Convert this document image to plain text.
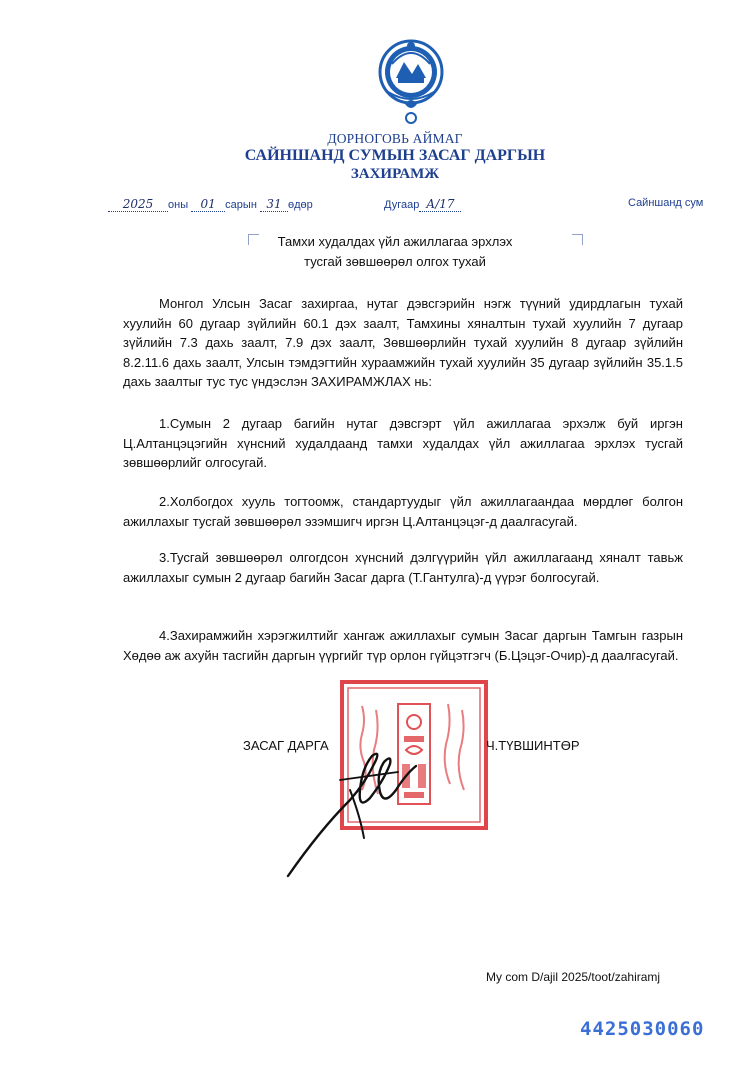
ДОРНОГОВЬ АЙМАГ
САЙНШАНД СУМЫН ЗАСАГ ДАРГЫН
ЗАХИРАМЖ
2025 оны 01 сарын 31 өдөр	Дугаар А/17	Сайншанд сум
Тамхи худалдах үйл ажиллагаа эрхлэх
тусгай зөвшөөрөл олгох тухай

Монгол Улсын Засаг захиргаа, нутаг дэвсгэрийн нэгж түүний удирдлагын тухай хуулийн 60 дугаар зүйлийн 60.1 дэх заалт, Тамхины хяналтын тухай хуулийн 7 дугаар зүйлийн 7.3 дахь заалт, 7.9 дэх заалт, Зөвшөөрлийн тухай хуулийн 8 дугаар зүйлийн 8.2.11.6 дахь заалт, Улсын тэмдэгтийн хураамжийн тухай хуулийн 35 дугаар зүйлийн 35.1.5 дахь заалтыг тус тус үндэслэн ЗАХИРАМЖЛАХ нь:

1.Сумын 2 дугаар багийн нутаг дэвсгэрт үйл ажиллагаа эрхэлж буй иргэн Ц.Алтанцэцэгийн хүнсний худалдаанд тамхи худалдах үйл ажиллагаа эрхлэх тусгай зөвшөөрлийг олгосугай.

2.Холбогдох хууль тогтоомж, стандартуудыг үйл ажиллагаандаа мөрдлөг болгон ажиллахыг тусгай зөвшөөрөл эзэмшигч иргэн Ц.Алтанцэцэг-д даалгасугай.

3.Тусгай зөвшөөрөл олгогдсон хүнсний дэлгүүрийн үйл ажиллагаанд хяналт тавьж ажиллахыг сумын 2 дугаар багийн Засаг дарга (Т.Гантулга)-д үүрэг болгосугай.

4.Захирамжийн хэрэгжилтийг хангаж ажиллахыг сумын Засаг даргын Тамгын газрын Хөдөө аж ахуйн тасгийн даргын үүргийг түр орлон гүйцэтгэгч (Б.Цэцэг-Очир)-д даалгасугай.

ЗАСАГ ДАРГА	Ч.ТҮВШИНТӨР
My com D/ajil 2025/toot/zahiramj
4425030060
